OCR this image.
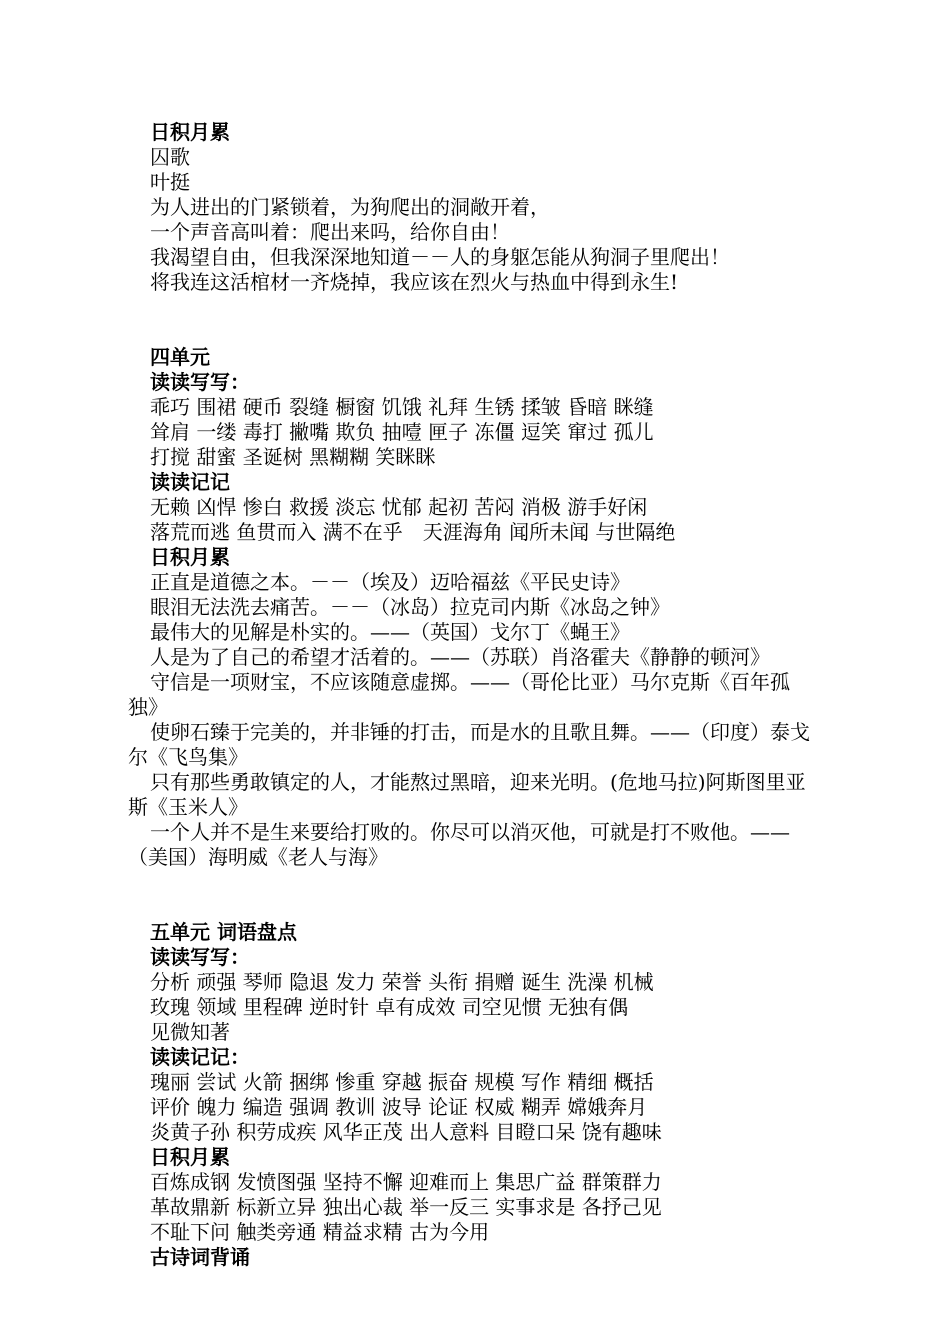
日积月累
囚歌
叶挺
为人进出的门紧锁着，为狗爬出的洞敞开着，
一个声音高叫着：爬出来吗，给你自由！
我渴望自由，但我深深地知道－－人的身躯怎能从狗洞子里爬出！
将我连这活棺材一齐烧掉，我应该在烈火与热血中得到永生!
四单元
读读写写：
乖巧 围裙 硬币 裂缝 橱窗 饥饿 礼拜 生锈 揉皱 昏暗 眯缝
耸肩 一缕 毒打 撇嘴 欺负 抽噎 匣子 冻僵 逗笑 窜过 孤儿
打搅 甜蜜 圣诞树 黑糊糊 笑眯眯
读读记记
无赖 凶悍 惨白 救援 淡忘 忧郁 起初 苦闷 消极 游手好闲
落荒而逃 鱼贯而入 满不在乎　天涯海角 闻所未闻 与世隔绝
日积月累
正直是道德之本。－－（埃及）迈哈福兹《平民史诗》
眼泪无法洗去痛苦。－－（冰岛）拉克司内斯《冰岛之钟》
最伟大的见解是朴实的。——（英国）戈尔丁《蝇王》
人是为了自己的希望才活着的。——（苏联）肖洛霍夫《静静的顿河》
守信是一项财宝，不应该随意虚掷。——（哥伦比亚）马尔克斯《百年孤独》
使卵石臻于完美的，并非锤的打击，而是水的且歌且舞。——（印度）泰戈尔《飞鸟集》
只有那些勇敢镇定的人，才能熬过黑暗，迎来光明。(危地马拉)阿斯图里亚斯《玉米人》
一个人并不是生来要给打败的。你尽可以消灭他，可就是打不败他。——（美国）海明威《老人与海》
五单元 词语盘点
读读写写：
分析 顽强 琴师 隐退 发力 荣誉 头衔 捐赠 诞生 洗澡 机械
玫瑰 领域 里程碑 逆时针 卓有成效 司空见惯 无独有偶
见微知著
读读记记：
瑰丽 尝试 火箭 捆绑 惨重 穿越 振奋 规模 写作 精细 概括
评价 魄力 编造 强调 教训 波导 论证 权威 糊弄 嫦娥奔月
炎黄子孙 积劳成疾 风华正茂 出人意料 目瞪口呆 饶有趣味
日积月累
百炼成钢 发愤图强 坚持不懈 迎难而上 集思广益 群策群力
革故鼎新 标新立异 独出心裁 举一反三 实事求是 各抒己见
不耻下问 触类旁通 精益求精 古为今用
古诗词背诵
